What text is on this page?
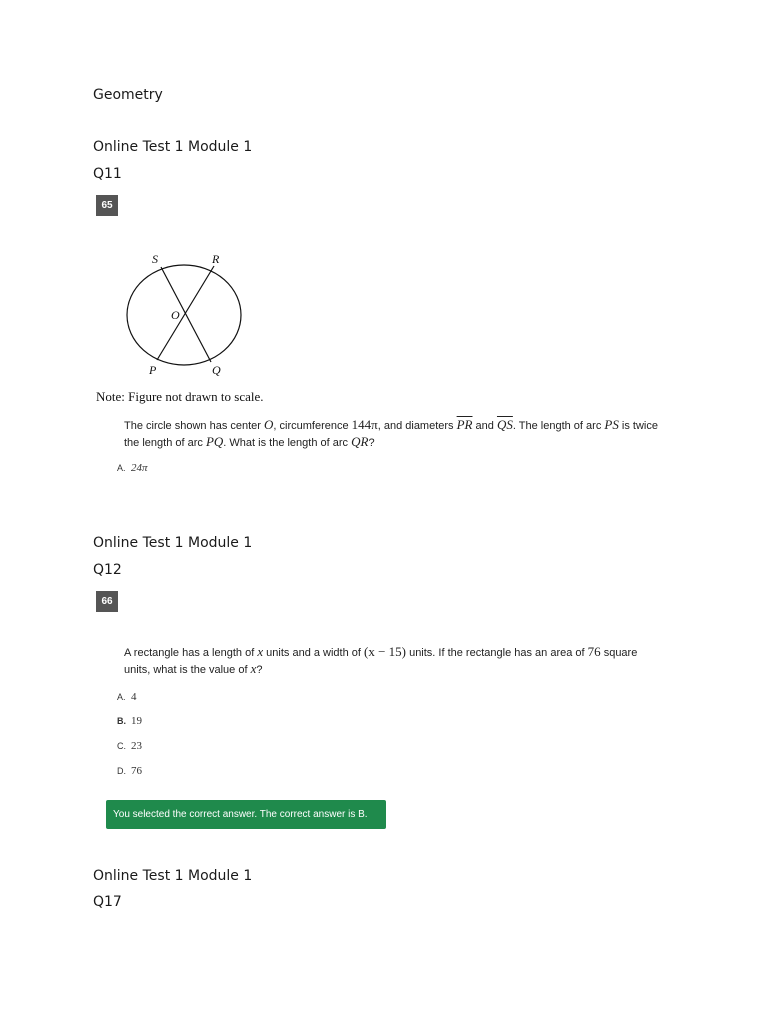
Geometry
Online Test 1 Module 1
Q11
65
S	R
O
P	Q
Note: Figure not drawn to scale.
The circle shown has center O, circumference 144π, and diameters $\overline{PR}$ and $\overline{QS}$. The length of arc PS is twice
the length of arc PQ. What is the length of arc QR?
A. 24π
Online Test 1 Module 1
Q12
66
A rectangle has a length of x units and a width of (x − 15) units. If the rectangle has an area of 76 square
units, what is the value of x?
A. 4
B. 19
C. 23
D. 76
You selected the correct answer. The correct answer is B.
Online Test 1 Module 1
Q17
